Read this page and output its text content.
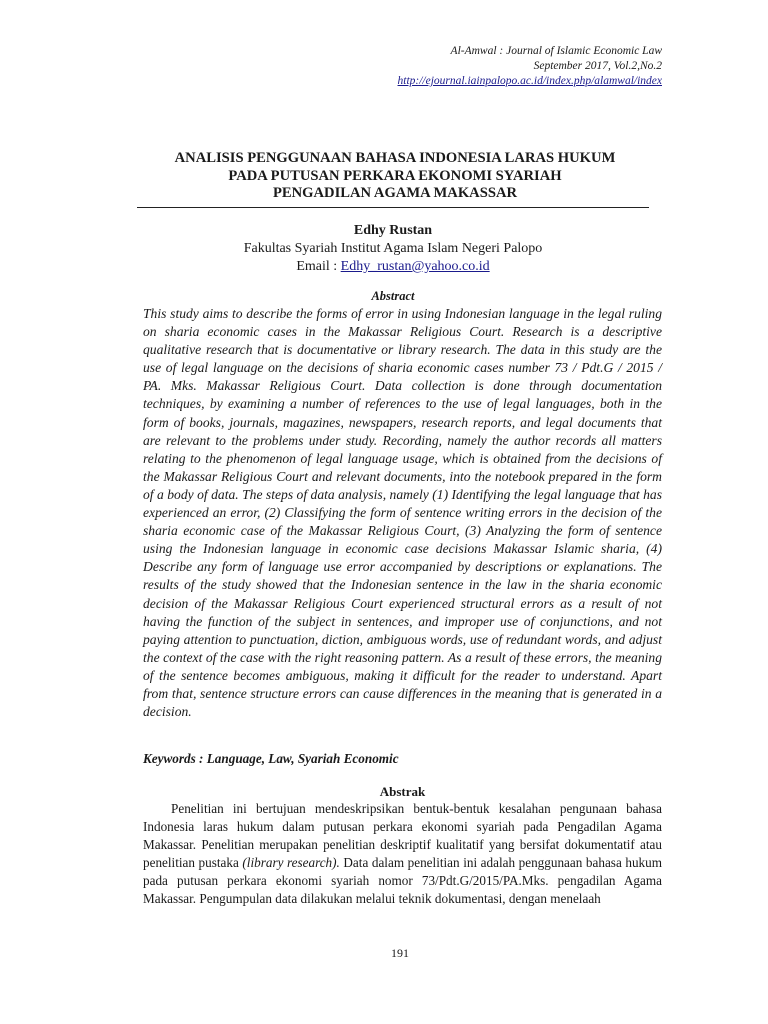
Al-Amwal : Journal of Islamic Economic Law
September 2017, Vol.2,No.2
http://ejournal.iainpalopo.ac.id/index.php/alamwal/index
ANALISIS PENGGUNAAN BAHASA INDONESIA LARAS HUKUM
PADA PUTUSAN PERKARA EKONOMI SYARIAH
PENGADILAN AGAMA MAKASSAR
Edhy Rustan
Fakultas Syariah Institut Agama Islam Negeri Palopo
Email : Edhy_rustan@yahoo.co.id
Abstract

This study aims to describe the forms of error in using Indonesian language in the legal ruling on sharia economic cases in the Makassar Religious Court. Research is a descriptive qualitative research that is documentative or library research. The data in this study are the use of legal language on the decisions of sharia economic cases number 73 / Pdt.G / 2015 / PA. Mks. Makassar Religious Court. Data collection is done through documentation techniques, by examining a number of references to the use of legal languages, both in the form of books, journals, magazines, newspapers, research reports, and legal documents that are relevant to the problems under study. Recording, namely the author records all matters relating to the phenomenon of legal language usage, which is obtained from the decisions of the Makassar Religious Court and relevant documents, into the notebook prepared in the form of a body of data. The steps of data analysis, namely (1) Identifying the legal language that has experienced an error, (2) Classifying the form of sentence writing errors in the decision of the sharia economic case of the Makassar Religious Court, (3) Analyzing the form of sentence using the Indonesian language in economic case decisions Makassar Islamic sharia, (4) Describe any form of language use error accompanied by descriptions or explanations. The results of the study showed that the Indonesian sentence in the law in the sharia economic decision of the Makassar Religious Court experienced structural errors as a result of not having the function of the subject in sentences, and improper use of conjunctions, and not paying attention to punctuation, diction, ambiguous words, use of redundant words, and adjust the context of the case with the right reasoning pattern. As a result of these errors, the meaning of the sentence becomes ambiguous, making it difficult for the reader to understand. Apart from that, sentence structure errors can cause differences in the meaning that is generated in a decision.

Keywords : Language, Law, Syariah Economic
Abstrak

Penelitian ini bertujuan mendeskripsikan bentuk-bentuk kesalahan pengunaan bahasa Indonesia laras hukum dalam putusan perkara ekonomi syariah pada Pengadilan Agama Makassar. Penelitian merupakan penelitian deskriptif kualitatif yang bersifat dokumentatif atau penelitian pustaka (library research). Data dalam penelitian ini adalah penggunaan bahasa hukum pada putusan perkara ekonomi syariah nomor 73/Pdt.G/2015/PA.Mks. pengadilan Agama Makassar. Pengumpulan data dilakukan melalui teknik dokumentasi, dengan menelaah

191
